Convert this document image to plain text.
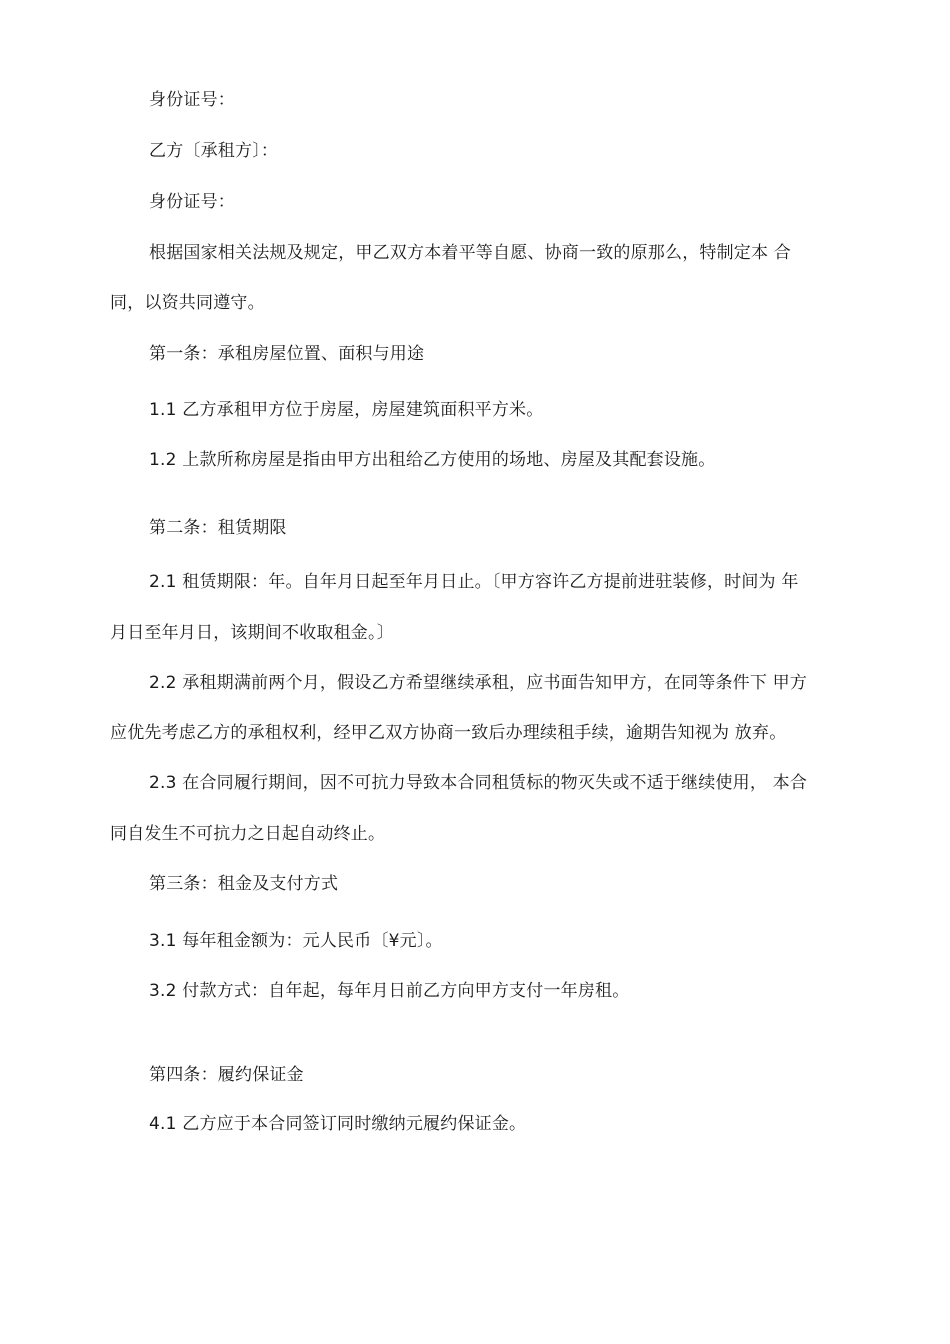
身份证号：
乙方〔承租方〕：
身份证号：
根据国家相关法规及规定，甲乙双方本着平等自愿、协商一致的原那么，特制定本 合
同，以资共同遵守。
第一条：承租房屋位置、面积与用途
1.1 乙方承租甲方位于房屋，房屋建筑面积平方米。
1.2 上款所称房屋是指由甲方出租给乙方使用的场地、房屋及其配套设施。
第二条：租赁期限
2.1 租赁期限：年。自年月日起至年月日止。〔甲方容许乙方提前进驻装修，时间为 年
月日至年月日，该期间不收取租金。〕
2.2 承租期满前两个月，假设乙方希望继续承租，应书面告知甲方，在同等条件下 甲方
应优先考虑乙方的承租权利，经甲乙双方协商一致后办理续租手续，逾期告知视为 放弃。
2.3 在合同履行期间，因不可抗力导致本合同租赁标的物灭失或不适于继续使用， 本合
同自发生不可抗力之日起自动终止。
第三条：租金及支付方式
3.1 每年租金额为：元人民币〔¥元〕。
3.2 付款方式：自年起，每年月日前乙方向甲方支付一年房租。
第四条：履约保证金
4.1 乙方应于本合同签订同时缴纳元履约保证金。
